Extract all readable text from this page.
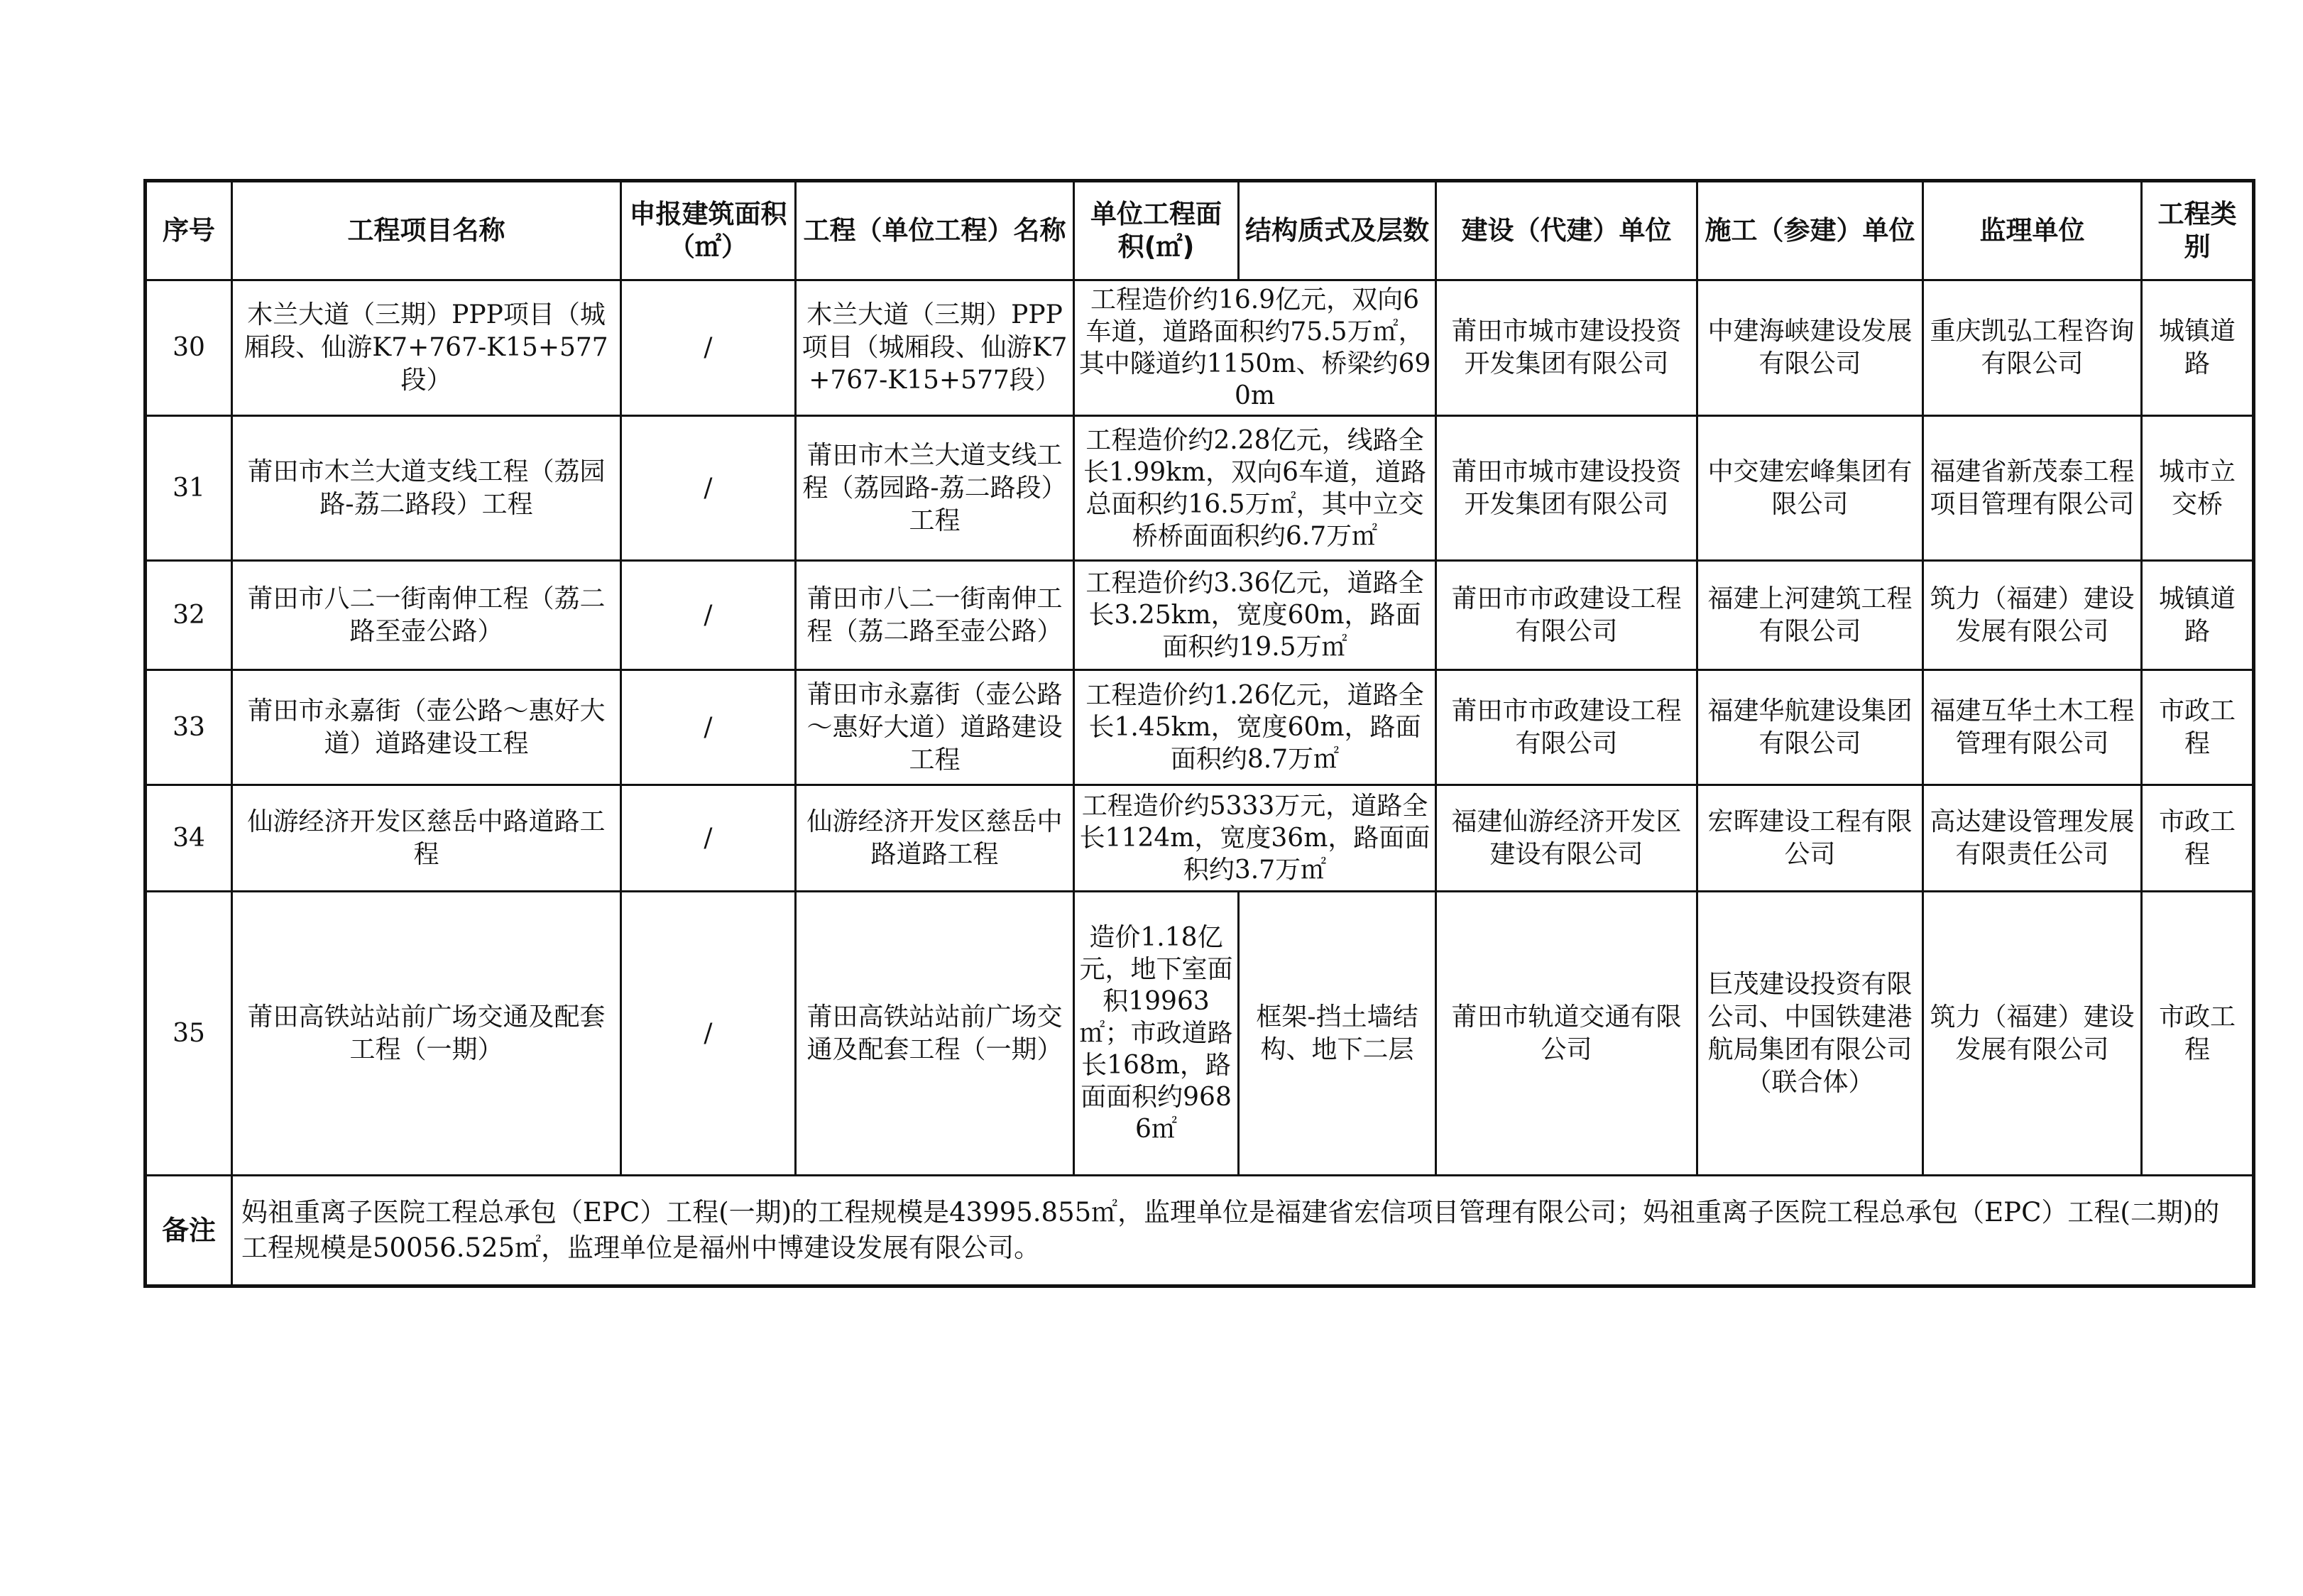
序号	工程项目名称	申报建筑面积（㎡）	工程（单位工程）名称	单位工程面积(㎡)	结构质式及层数	建设（代建）单位	施工（参建）单位	监理单位	工程类别
30	木兰大道（三期）PPP项目（城厢段、仙游K7+767-K15+577段）	/	木兰大道（三期）PPP项目（城厢段、仙游K7+767-K15+577段）	工程造价约16.9亿元，双向6车道，道路面积约75.5万㎡，其中隧道约1150m、桥梁约690m		莆田市城市建设投资开发集团有限公司	中建海峡建设发展有限公司	重庆凯弘工程咨询有限公司	城镇道路
31	莆田市木兰大道支线工程（荔园路-荔二路段）工程	/	莆田市木兰大道支线工程（荔园路-荔二路段）工程	工程造价约2.28亿元，线路全长1.99km，双向6车道，道路总面积约16.5万㎡，其中立交桥桥面面积约6.7万㎡		莆田市城市建设投资开发集团有限公司	中交建宏峰集团有限公司	福建省新茂泰工程项目管理有限公司	城市立交桥
32	莆田市八二一街南伸工程（荔二路至壶公路）	/	莆田市八二一街南伸工程（荔二路至壶公路）	工程造价约3.36亿元，道路全长3.25km，宽度60m，路面面积约19.5万㎡		莆田市市政建设工程有限公司	福建上河建筑工程有限公司	筑力（福建）建设发展有限公司	城镇道路
33	莆田市永嘉街（壶公路～惠好大道）道路建设工程	/	莆田市永嘉街（壶公路～惠好大道）道路建设工程	工程造价约1.26亿元，道路全长1.45km，宽度60m，路面面积约8.7万㎡		莆田市市政建设工程有限公司	福建华航建设集团有限公司	福建互华土木工程管理有限公司	市政工程
34	仙游经济开发区慈岳中路道路工程	/	仙游经济开发区慈岳中路道路工程	工程造价约5333万元，道路全长1124m，宽度36m，路面面积约3.7万㎡		福建仙游经济开发区建设有限公司	宏晖建设工程有限公司	高达建设管理发展有限责任公司	市政工程
35	莆田高铁站站前广场交通及配套工程（一期）	/	莆田高铁站站前广场交通及配套工程（一期）	造价1.18亿元，地下室面积19963㎡；市政道路长168m，路面面积约9686㎡	框架-挡土墙结构、地下二层	莆田市轨道交通有限公司	巨茂建设投资有限公司、中国铁建港航局集团有限公司（联合体）	筑力（福建）建设发展有限公司	市政工程
备注	妈祖重离子医院工程总承包（EPC）工程(一期)的工程规模是43995.855㎡，监理单位是福建省宏信项目管理有限公司；妈祖重离子医院工程总承包（EPC）工程(二期)的工程规模是50056.525㎡，监理单位是福州中博建设发展有限公司。								
